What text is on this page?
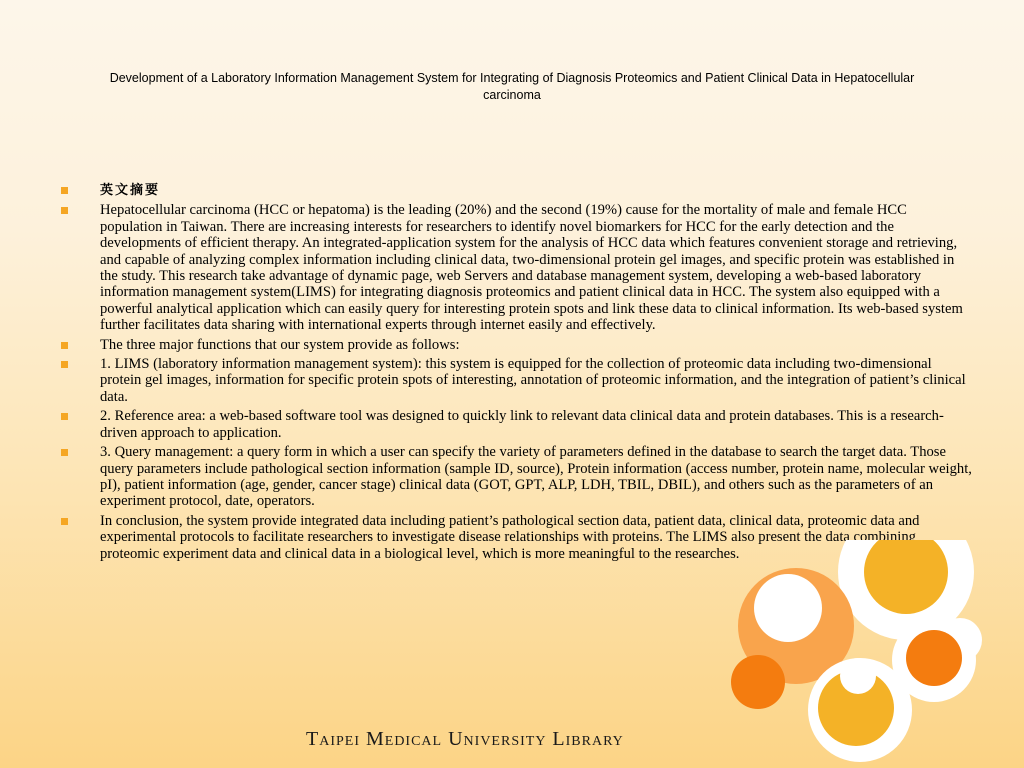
Development of a Laboratory Information Management System for Integrating of Diagnosis Proteomics and Patient Clinical Data in Hepatocellular carcinoma
英文摘要
Hepatocellular carcinoma (HCC or hepatoma) is the leading (20%) and the second (19%) cause for the mortality of male and female HCC population in Taiwan. There are increasing interests for researchers to identify novel biomarkers for HCC for the early detection and the developments of efficient therapy. An integrated-application system for the analysis of HCC data which features convenient storage and retrieving, and capable of analyzing complex information including clinical data, two-dimensional protein gel images, and specific protein was established in the study. This research take advantage of dynamic page, web Servers and database management system, developing a web-based laboratory information management system(LIMS) for integrating diagnosis proteomics and patient clinical data in HCC. The system also equipped with a powerful analytical application which can easily query for interesting protein spots and link these data to clinical information. Its web-based system further facilitates data sharing with international experts through internet easily and effectively.
The three major functions that our system provide as follows:
1. LIMS (laboratory information management system): this system is equipped for the collection of proteomic data including two-dimensional protein gel images, information for specific protein spots of interesting, annotation of proteomic information, and the integration of patient’s clinical data.
2. Reference area: a web-based software tool was designed to quickly link to relevant data clinical data and protein databases. This is a research-driven approach to application.
3. Query management: a query form in which a user can specify the variety of parameters defined in the database to search the target data. Those query parameters include pathological section information (sample ID, source), Protein information (access number, protein name, molecular weight, pI), patient information (age, gender, cancer stage) clinical data (GOT, GPT, ALP, LDH, TBIL, DBIL), and others such as the parameters of an experiment protocol, date, operators.
In conclusion, the system provide integrated data including patient’s pathological section data, patient data, clinical data, proteomic data and experimental protocols to facilitate researchers to investigate disease relationships with proteins. The LIMS also present the data combining proteomic experiment data and clinical data in a biological level, which is more meaningful to the researches.
Taipei Medical University Library
